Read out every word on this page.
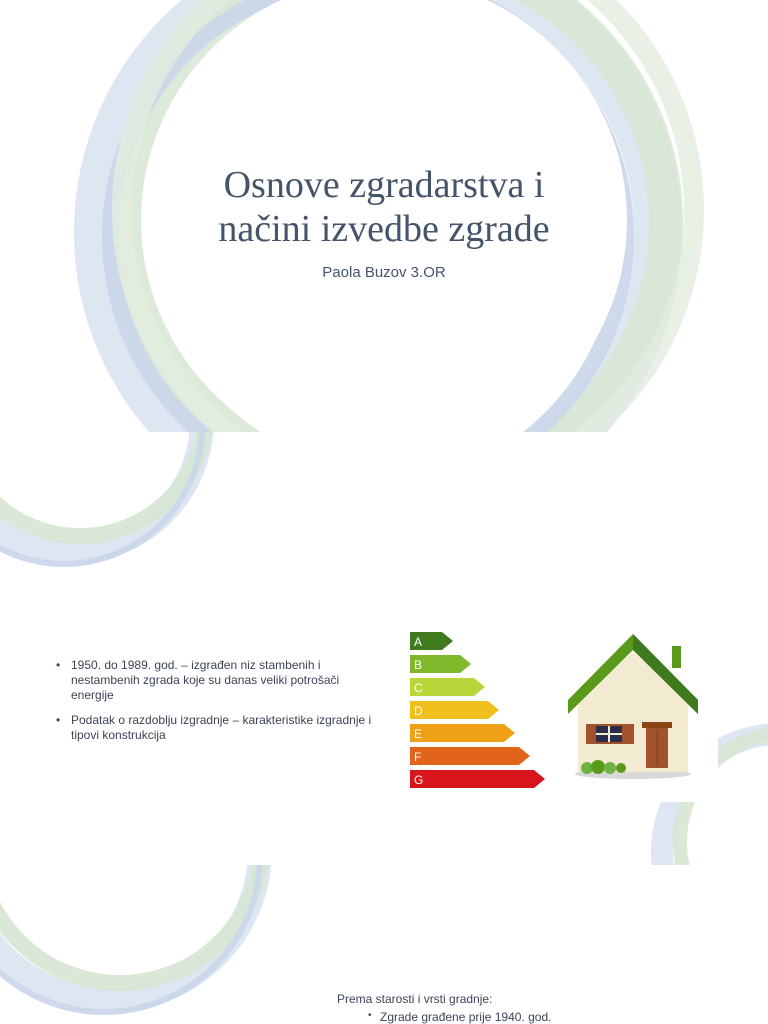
Osnove zgradarstva i
načini izvedbe zgrade
Paola Buzov 3.OR
• 1950. do 1989. god. – izgrađen niz stambenih i nestambenih zgrada koje su danas veliki potrošači energije
• Podatak o razdoblju izgradnje – karakteristike izgradnje i tipovi konstrukcija
A
B
C
D
E
F
G
Prema starosti i vrsti gradnje:
• Zgrade građene prije 1940. god.
